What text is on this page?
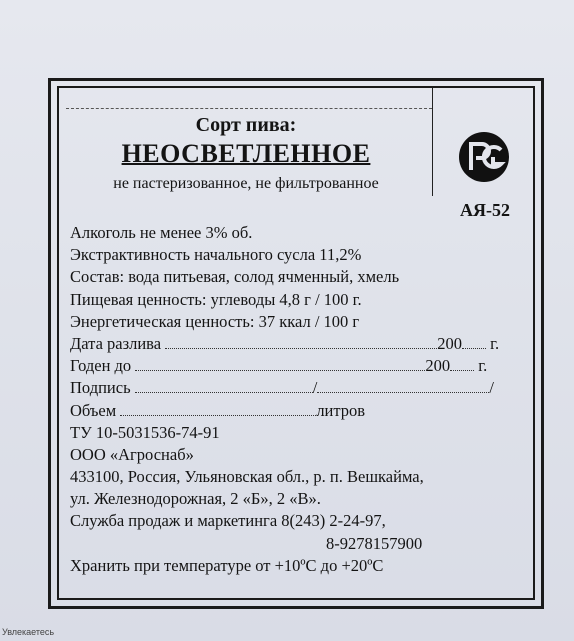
Сорт пива:
НЕОСВЕТЛЕННОЕ
не пастеризованное, не фильтрованное
АЯ-52
Алкоголь не менее 3% об.
Экстрактивность начального сусла 11,2%
Состав: вода питьевая, солод ячменный, хмель
Пищевая ценность: углеводы 4,8 г / 100 г.
Энергетическая ценность: 37 ккал / 100 г
Дата разлива	200 г.
Годен до	200 г.
Подпись	/	/
Объем	литров
ТУ 10-5031536-74-91
ООО «Агроснаб»
433100, Россия, Ульяновская обл., р. п. Вешкайма,
ул. Железнодорожная, 2 «Б», 2 «В».
Служба продаж и маркетинга 8(243) 2-24-97,
8-9278157900
Хранить при температуре от +10ºС до +20ºС
Увлекаетесь
